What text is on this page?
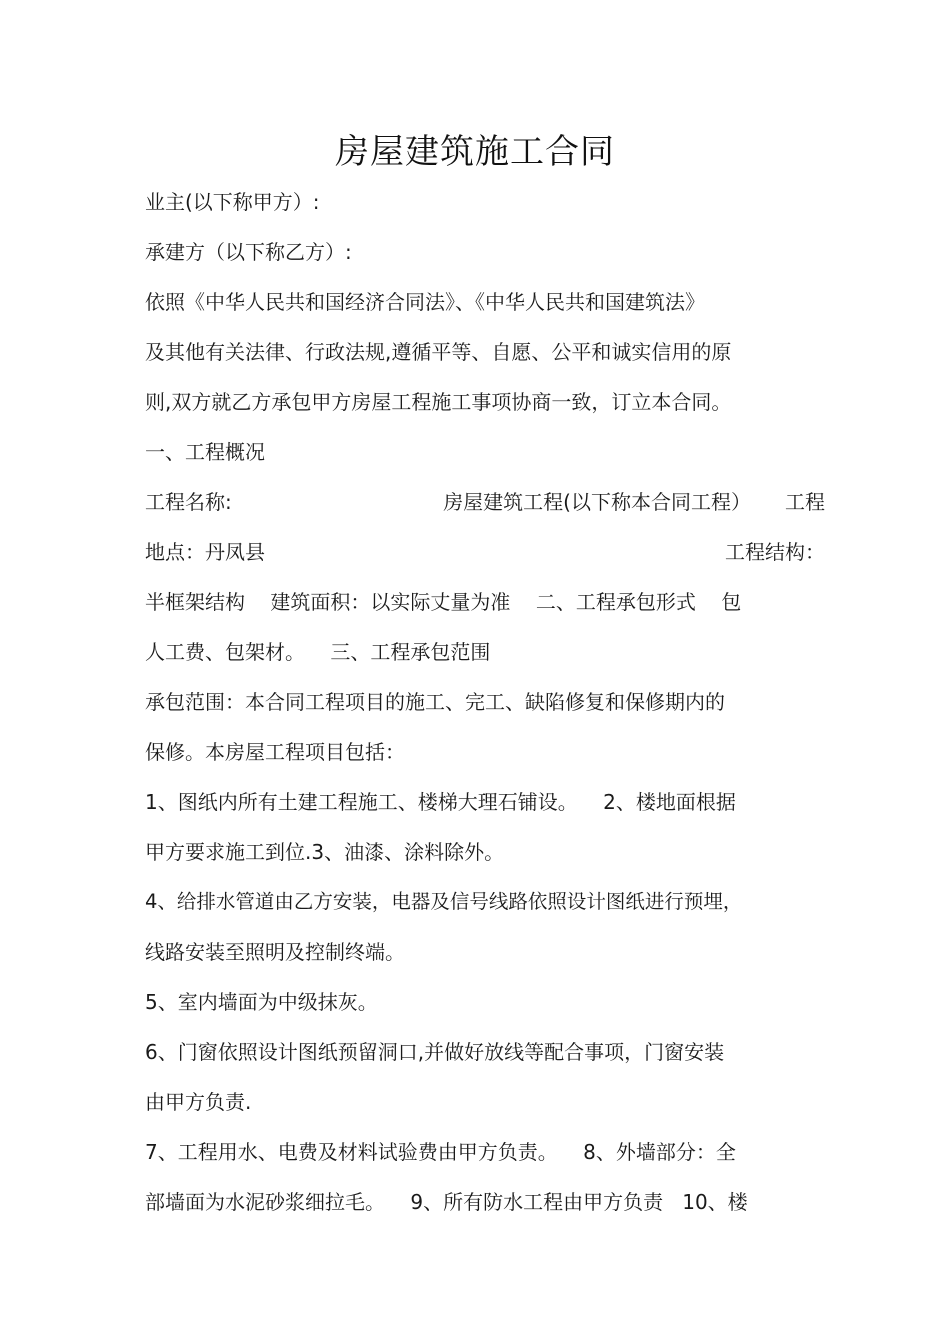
房屋建筑施工合同
业主(以下称甲方）:
承建方（以下称乙方）:
依照《中华人民共和国经济合同法》、《中华人民共和国建筑法》
及其他有关法律、行政法规,遵循平等、自愿、公平和诚实信用的原
则,双方就乙方承包甲方房屋工程施工事项协商一致，订立本合同。
一、工程概况
工程名称:	房屋建筑工程(以下称本合同工程） 工程
地点：丹凤县	工程结构：
半框架结构    建筑面积：以实际丈量为准    二、工程承包形式    包
人工费、包架材。    三、工程承包范围
承包范围：本合同工程项目的施工、完工、缺陷修复和保修期内的
保修。本房屋工程项目包括：
1、图纸内所有土建工程施工、楼梯大理石铺设。    2、楼地面根据
甲方要求施工到位.3、油漆、涂料除外。
4、给排水管道由乙方安装，电器及信号线路依照设计图纸进行预埋，
线路安装至照明及控制终端。
5、室内墙面为中级抹灰。
6、门窗依照设计图纸预留洞口,并做好放线等配合事项，门窗安装
由甲方负责.
7、工程用水、电费及材料试验费由甲方负责。    8、外墙部分：全
部墙面为水泥砂浆细拉毛。    9、所有防水工程由甲方负责   10、楼
